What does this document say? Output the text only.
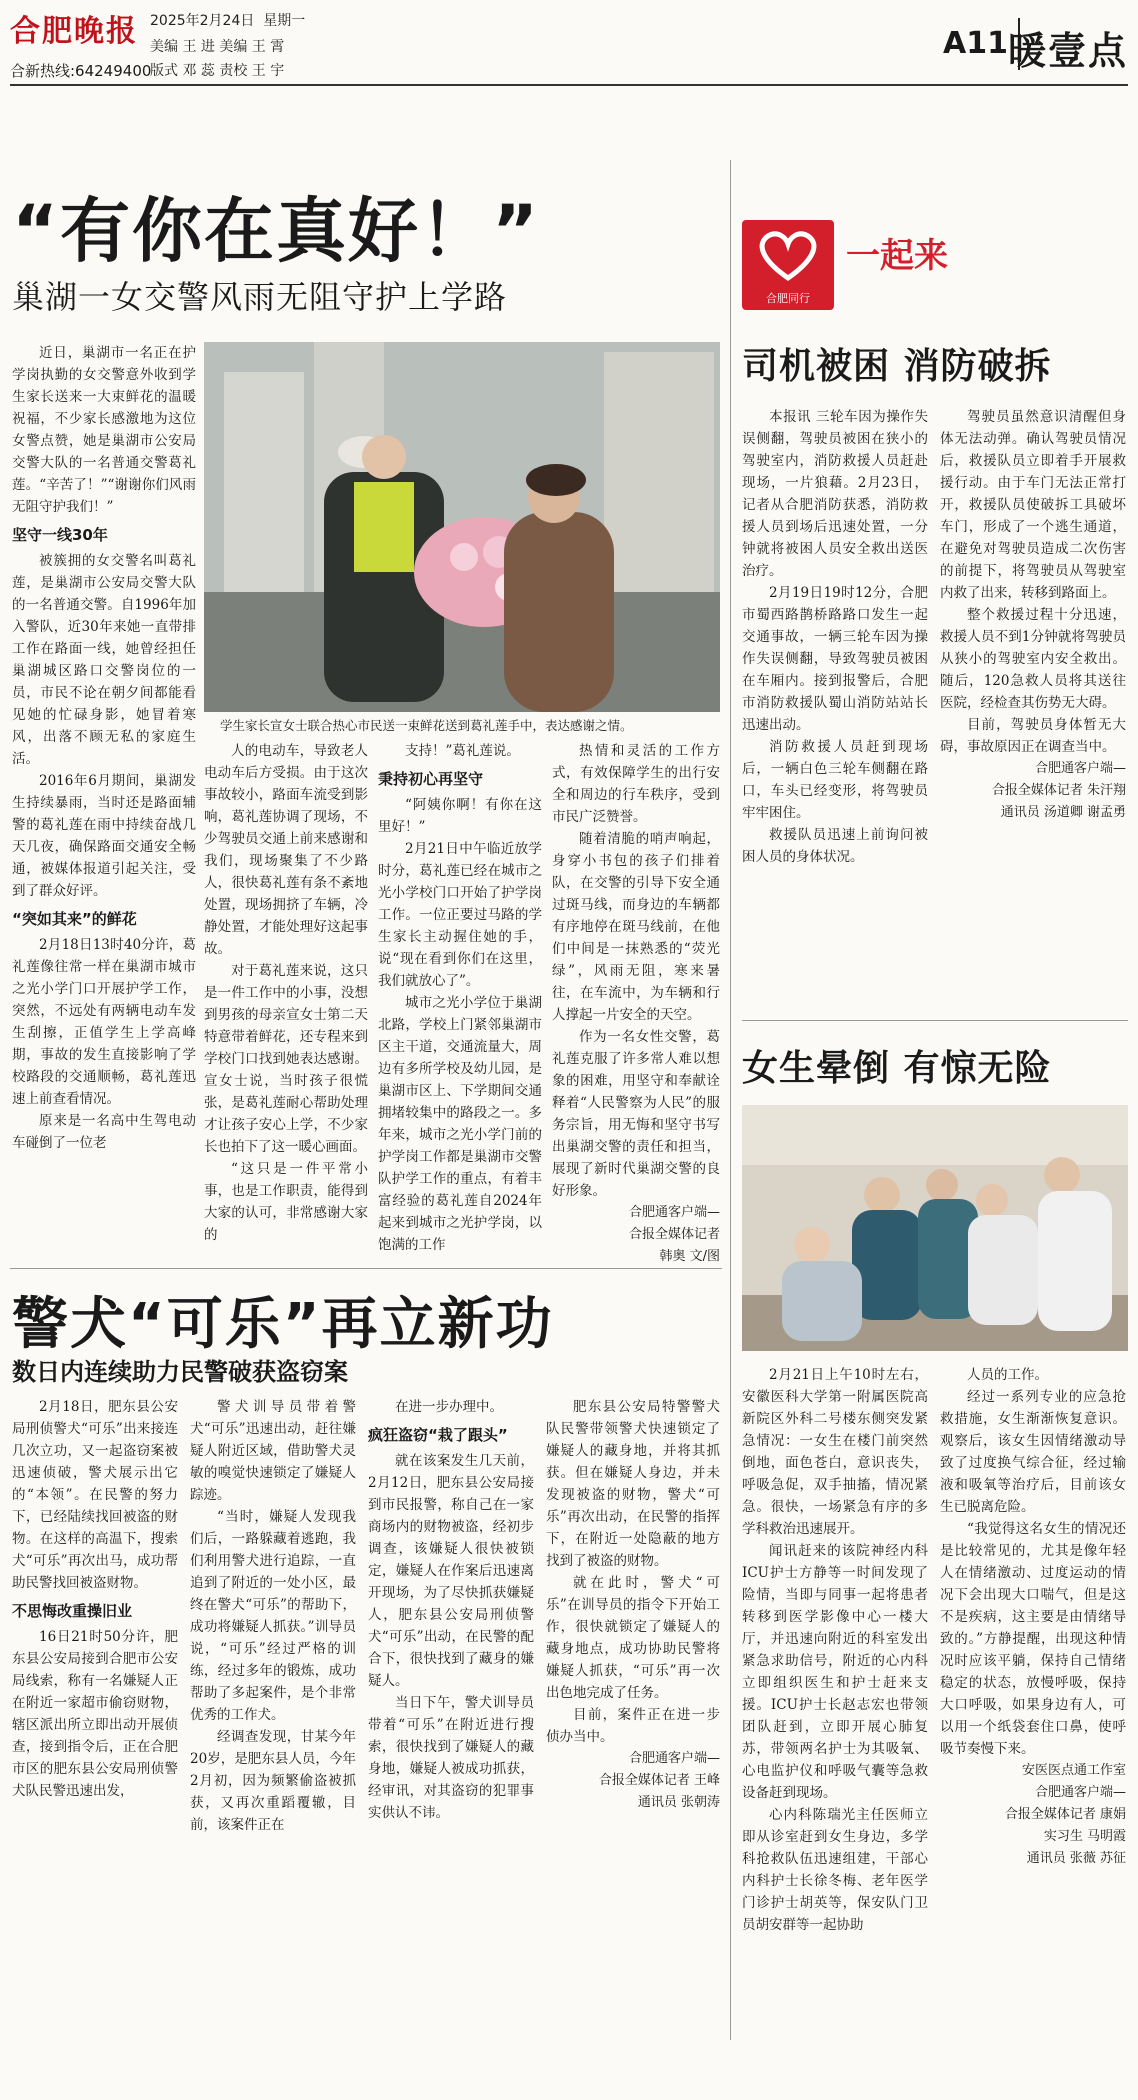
合肥晚报
合新热线:64249400
2025年2月24日 星期一
美编 王 进 美编 王 霄
版式 邓 蕊 责校 王 宇
A11 暖壹点
“有你在真好！”
巢湖一女交警风雨无阻守护上学路

近日，巢湖市一名正在护学岗执勤的女交警意外收到学生家长送来一大束鲜花的温暖祝福，不少家长感激地为这位女警点赞，她是巢湖市公安局交警大队的一名普通交警葛礼莲。“辛苦了！”“谢谢你们风雨无阻守护我们！”

坚守一线30年

被簇拥的女交警名叫葛礼莲，是巢湖市公安局交警大队的一名普通交警。自1996年加入警队，近30年来她一直带排工作在路面一线，她曾经担任巢湖城区路口交警岗位的一员，市民不论在朝夕间都能看见她的忙碌身影，她冒着寒风，出落不顾无私的家庭生活。

2016年6月期间，巢湖发生持续暴雨，当时还是路面辅警的葛礼莲在雨中持续奋战几天几夜，确保路面交通安全畅通，被媒体报道引起关注，受到了群众好评。

“突如其来”的鲜花

2月18日13时40分许，葛礼莲像往常一样在巢湖市城市之光小学门口开展护学工作，突然，不远处有两辆电动车发生刮擦，正值学生上学高峰期，事故的发生直接影响了学校路段的交通顺畅，葛礼莲迅速上前查看情况。

原来是一名高中生驾电动车碰倒了一位老

学生家长宣女士联合热心市民送一束鲜花送到葛礼莲手中，表达感谢之情。

人的电动车，导致老人电动车后方受损。由于这次事故较小，路面车流受到影响，葛礼莲协调了现场，不少驾驶员交通上前来感谢和我们，现场聚集了不少路人，很快葛礼莲有条不紊地处置，现场拥挤了车辆，冷静处置，才能处理好这起事故。

对于葛礼莲来说，这只是一件工作中的小事，没想到男孩的母亲宣女士第二天特意带着鲜花，还专程来到学校门口找到她表达感谢。宣女士说，当时孩子很慌张，是葛礼莲耐心帮助处理才让孩子安心上学，不少家长也拍下了这一暖心画面。

“这只是一件平常小事，也是工作职责，能得到大家的认可，非常感谢大家的

支持！”葛礼莲说。

秉持初心再坚守

“阿姨你啊！有你在这里好！”

2月21日中午临近放学时分，葛礼莲已经在城市之光小学校门口开始了护学岗工作。一位正要过马路的学生家长主动握住她的手，说“现在看到你们在这里，我们就放心了”。

城市之光小学位于巢湖北路，学校上门紧邻巢湖市区主干道，交通流量大，周边有多所学校及幼儿园，是巢湖市区上、下学期间交通拥堵较集中的路段之一。多年来，城市之光小学门前的护学岗工作都是巢湖市交警队护学工作的重点，有着丰富经验的葛礼莲自2024年起来到城市之光护学岗，以饱满的工作

热情和灵活的工作方式，有效保障学生的出行安全和周边的行车秩序，受到市民广泛赞誉。

随着清脆的哨声响起，身穿小书包的孩子们排着队，在交警的引导下安全通过斑马线，而身边的车辆都有序地停在斑马线前，在他们中间是一抹熟悉的“荧光绿”，风雨无阻，寒来暑往，在车流中，为车辆和行人撑起一片安全的天空。

作为一名女性交警，葛礼莲克服了许多常人难以想象的困难，用坚守和奉献诠释着“人民警察为人民”的服务宗旨，用无悔和坚守书写出巢湖交警的责任和担当，展现了新时代巢湖交警的良好形象。

合肥通客户端—

合报全媒体记者

韩奥 文/图

合肥同行
一起来
司机被困 消防破拆

本报讯 三轮车因为操作失误侧翻，驾驶员被困在狭小的驾驶室内，消防救援人员赶赴现场，一片狼藉。2月23日，记者从合肥消防获悉，消防救援人员到场后迅速处置，一分钟就将被困人员安全救出送医治疗。

2月19日19时12分，合肥市蜀西路鹊桥路路口发生一起交通事故，一辆三轮车因为操作失误侧翻，导致驾驶员被困在车厢内。接到报警后，合肥市消防救援队蜀山消防站站长迅速出动。

消防救援人员赶到现场后，一辆白色三轮车侧翻在路口，车头已经变形，将驾驶员牢牢困住。

救援队员迅速上前询问被困人员的身体状况。

驾驶员虽然意识清醒但身体无法动弹。确认驾驶员情况后，救援队员立即着手开展救援行动。由于车门无法正常打开，救援队员使破拆工具破坏车门，形成了一个逃生通道，在避免对驾驶员造成二次伤害的前提下，将驾驶员从驾驶室内救了出来，转移到路面上。

整个救援过程十分迅速，救援人员不到1分钟就将驾驶员从狭小的驾驶室内安全救出。随后，120急救人员将其送往医院，经检查其伤势无大碍。

目前，驾驶员身体暂无大碍，事故原因正在调查当中。

合肥通客户端—

合报全媒体记者 朱汗翔

通讯员 汤道卿 谢孟勇

女生晕倒 有惊无险

2月21日上午10时左右，安徽医科大学第一附属医院高新院区外科二号楼东侧突发紧急情况：一女生在楼门前突然倒地，面色苍白，意识丧失，呼吸急促，双手抽搐，情况紧急。很快，一场紧急有序的多学科救治迅速展开。

闻讯赶来的该院神经内科ICU护士方静等一时间发现了险情，当即与同事一起将患者转移到医学影像中心一楼大厅，并迅速向附近的科室发出紧急求助信号，附近的心内科立即组织医生和护士赶来支援。ICU护士长赵志宏也带领团队赶到，立即开展心肺复苏，带领两名护士为其吸氧、心电监护仪和呼吸气囊等急救设备赶到现场。

心内科陈瑞光主任医师立即从诊室赶到女生身边，多学科抢救队伍迅速组建，干部心内科护士长徐冬梅、老年医学门诊护士胡英等，保安队门卫员胡安群等一起协助

人员的工作。

经过一系列专业的应急抢救措施，女生渐渐恢复意识。观察后，该女生因情绪激动导致了过度换气综合征，经过输液和吸氧等治疗后，目前该女生已脱离危险。

“我觉得这名女生的情况还是比较常见的，尤其是像年轻人在情绪激动、过度运动的情况下会出现大口喘气，但是这不是疾病，这主要是由情绪导致的。”方静提醒，出现这种情况时应该平躺，保持自己情绪稳定的状态，放慢呼吸，保持大口呼吸，如果身边有人，可以用一个纸袋套住口鼻，使呼吸节奏慢下来。

安医医点通工作室

合肥通客户端—

合报全媒体记者 康娟

实习生 马明霞

通讯员 张薇 苏征

警犬“可乐”再立新功
数日内连续助力民警破获盗窃案

2月18日，肥东县公安局刑侦警犬“可乐”出来接连几次立功，又一起盗窃案被迅速侦破，警犬展示出它的“本领”。在民警的努力下，已经陆续找回被盗的财物。在这样的高温下，搜索犬“可乐”再次出马，成功帮助民警找回被盗财物。

不思悔改重操旧业

16日21时50分许，肥东县公安局接到合肥市公安局线索，称有一名嫌疑人正在附近一家超市偷窃财物，辖区派出所立即出动开展侦查，接到指令后，正在合肥市区的肥东县公安局刑侦警犬队民警迅速出发，

警犬训导员带着警犬“可乐”迅速出动，赶往嫌疑人附近区域，借助警犬灵敏的嗅觉快速锁定了嫌疑人踪迹。

“当时，嫌疑人发现我们后，一路躲藏着逃跑，我们利用警犬进行追踪，一直追到了附近的一处小区，最终在警犬“可乐”的帮助下，成功将嫌疑人抓获。”训导员说，“可乐”经过严格的训练，经过多年的锻炼，成功帮助了多起案件，是个非常优秀的工作犬。

经调查发现，甘某今年20岁，是肥东县人员，今年2月初，因为频繁偷盗被抓获，又再次重蹈覆辙，目前，该案件正在

在进一步办理中。

疯狂盗窃“栽了跟头”

就在该案发生几天前，2月12日，肥东县公安局接到市民报警，称自己在一家商场内的财物被盗，经初步调查，该嫌疑人很快被锁定，嫌疑人在作案后迅速离开现场，为了尽快抓获嫌疑人，肥东县公安局刑侦警犬“可乐”出动，在民警的配合下，很快找到了藏身的嫌疑人。

当日下午，警犬训导员带着“可乐”在附近进行搜索，很快找到了嫌疑人的藏身地，嫌疑人被成功抓获，经审讯，对其盗窃的犯罪事实供认不讳。

肥东县公安局特警警犬队民警带领警犬快速锁定了嫌疑人的藏身地，并将其抓获。但在嫌疑人身边，并未发现被盗的财物，警犬“可乐”再次出动，在民警的指挥下，在附近一处隐蔽的地方找到了被盗的财物。

就在此时，警犬“可乐”在训导员的指令下开始工作，很快就锁定了嫌疑人的藏身地点，成功协助民警将嫌疑人抓获，“可乐”再一次出色地完成了任务。

目前，案件正在进一步侦办当中。

合肥通客户端—

合报全媒体记者 王峰

通讯员 张朝涛
